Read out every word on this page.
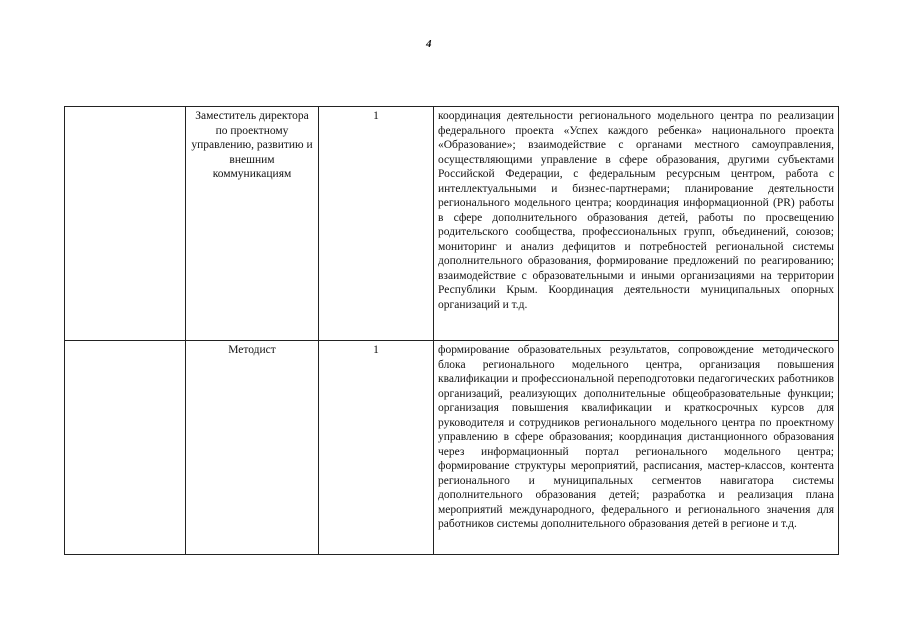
4
	Заместитель директора по проектному управлению, развитию и внешним коммуникациям	1	координация деятельности регионального модельного центра по реализации федерального проекта «Успех каждого ребенка» национального проекта «Образование»; взаимодействие с органами местного самоуправления, осуществляющими управление в сфере образования, другими субъектами Российской Федерации, с федеральным ресурсным центром, работа с интеллектуальными и бизнес-партнерами; планирование деятельности регионального модельного центра; координация информационной (PR) работы в сфере дополнительного образования детей, работы по просвещению родительского сообщества, профессиональных групп, объединений, союзов; мониторинг и анализ дефицитов и потребностей региональной системы дополнительного образования, формирование предложений по реагированию; взаимодействие с образовательными и иными организациями на территории Республики Крым. Координация деятельности муниципальных опорных организаций и т.д.
	Методист	1	формирование образовательных результатов, сопровождение методического блока регионального модельного центра, организация повышения квалификации и профессиональной переподготовки педагогических работников организаций, реализующих дополнительные общеобразовательные функции; организация повышения квалификации и краткосрочных курсов для руководителя и сотрудников регионального модельного центра по проектному управлению в сфере образования; координация дистанционного образования через информационный портал регионального модельного центра; формирование структуры мероприятий, расписания, мастер-классов, контента регионального и муниципальных сегментов навигатора системы дополнительного образования детей; разработка и реализация плана мероприятий международного, федерального и регионального значения для работников системы дополнительного образования детей в регионе и т.д.
